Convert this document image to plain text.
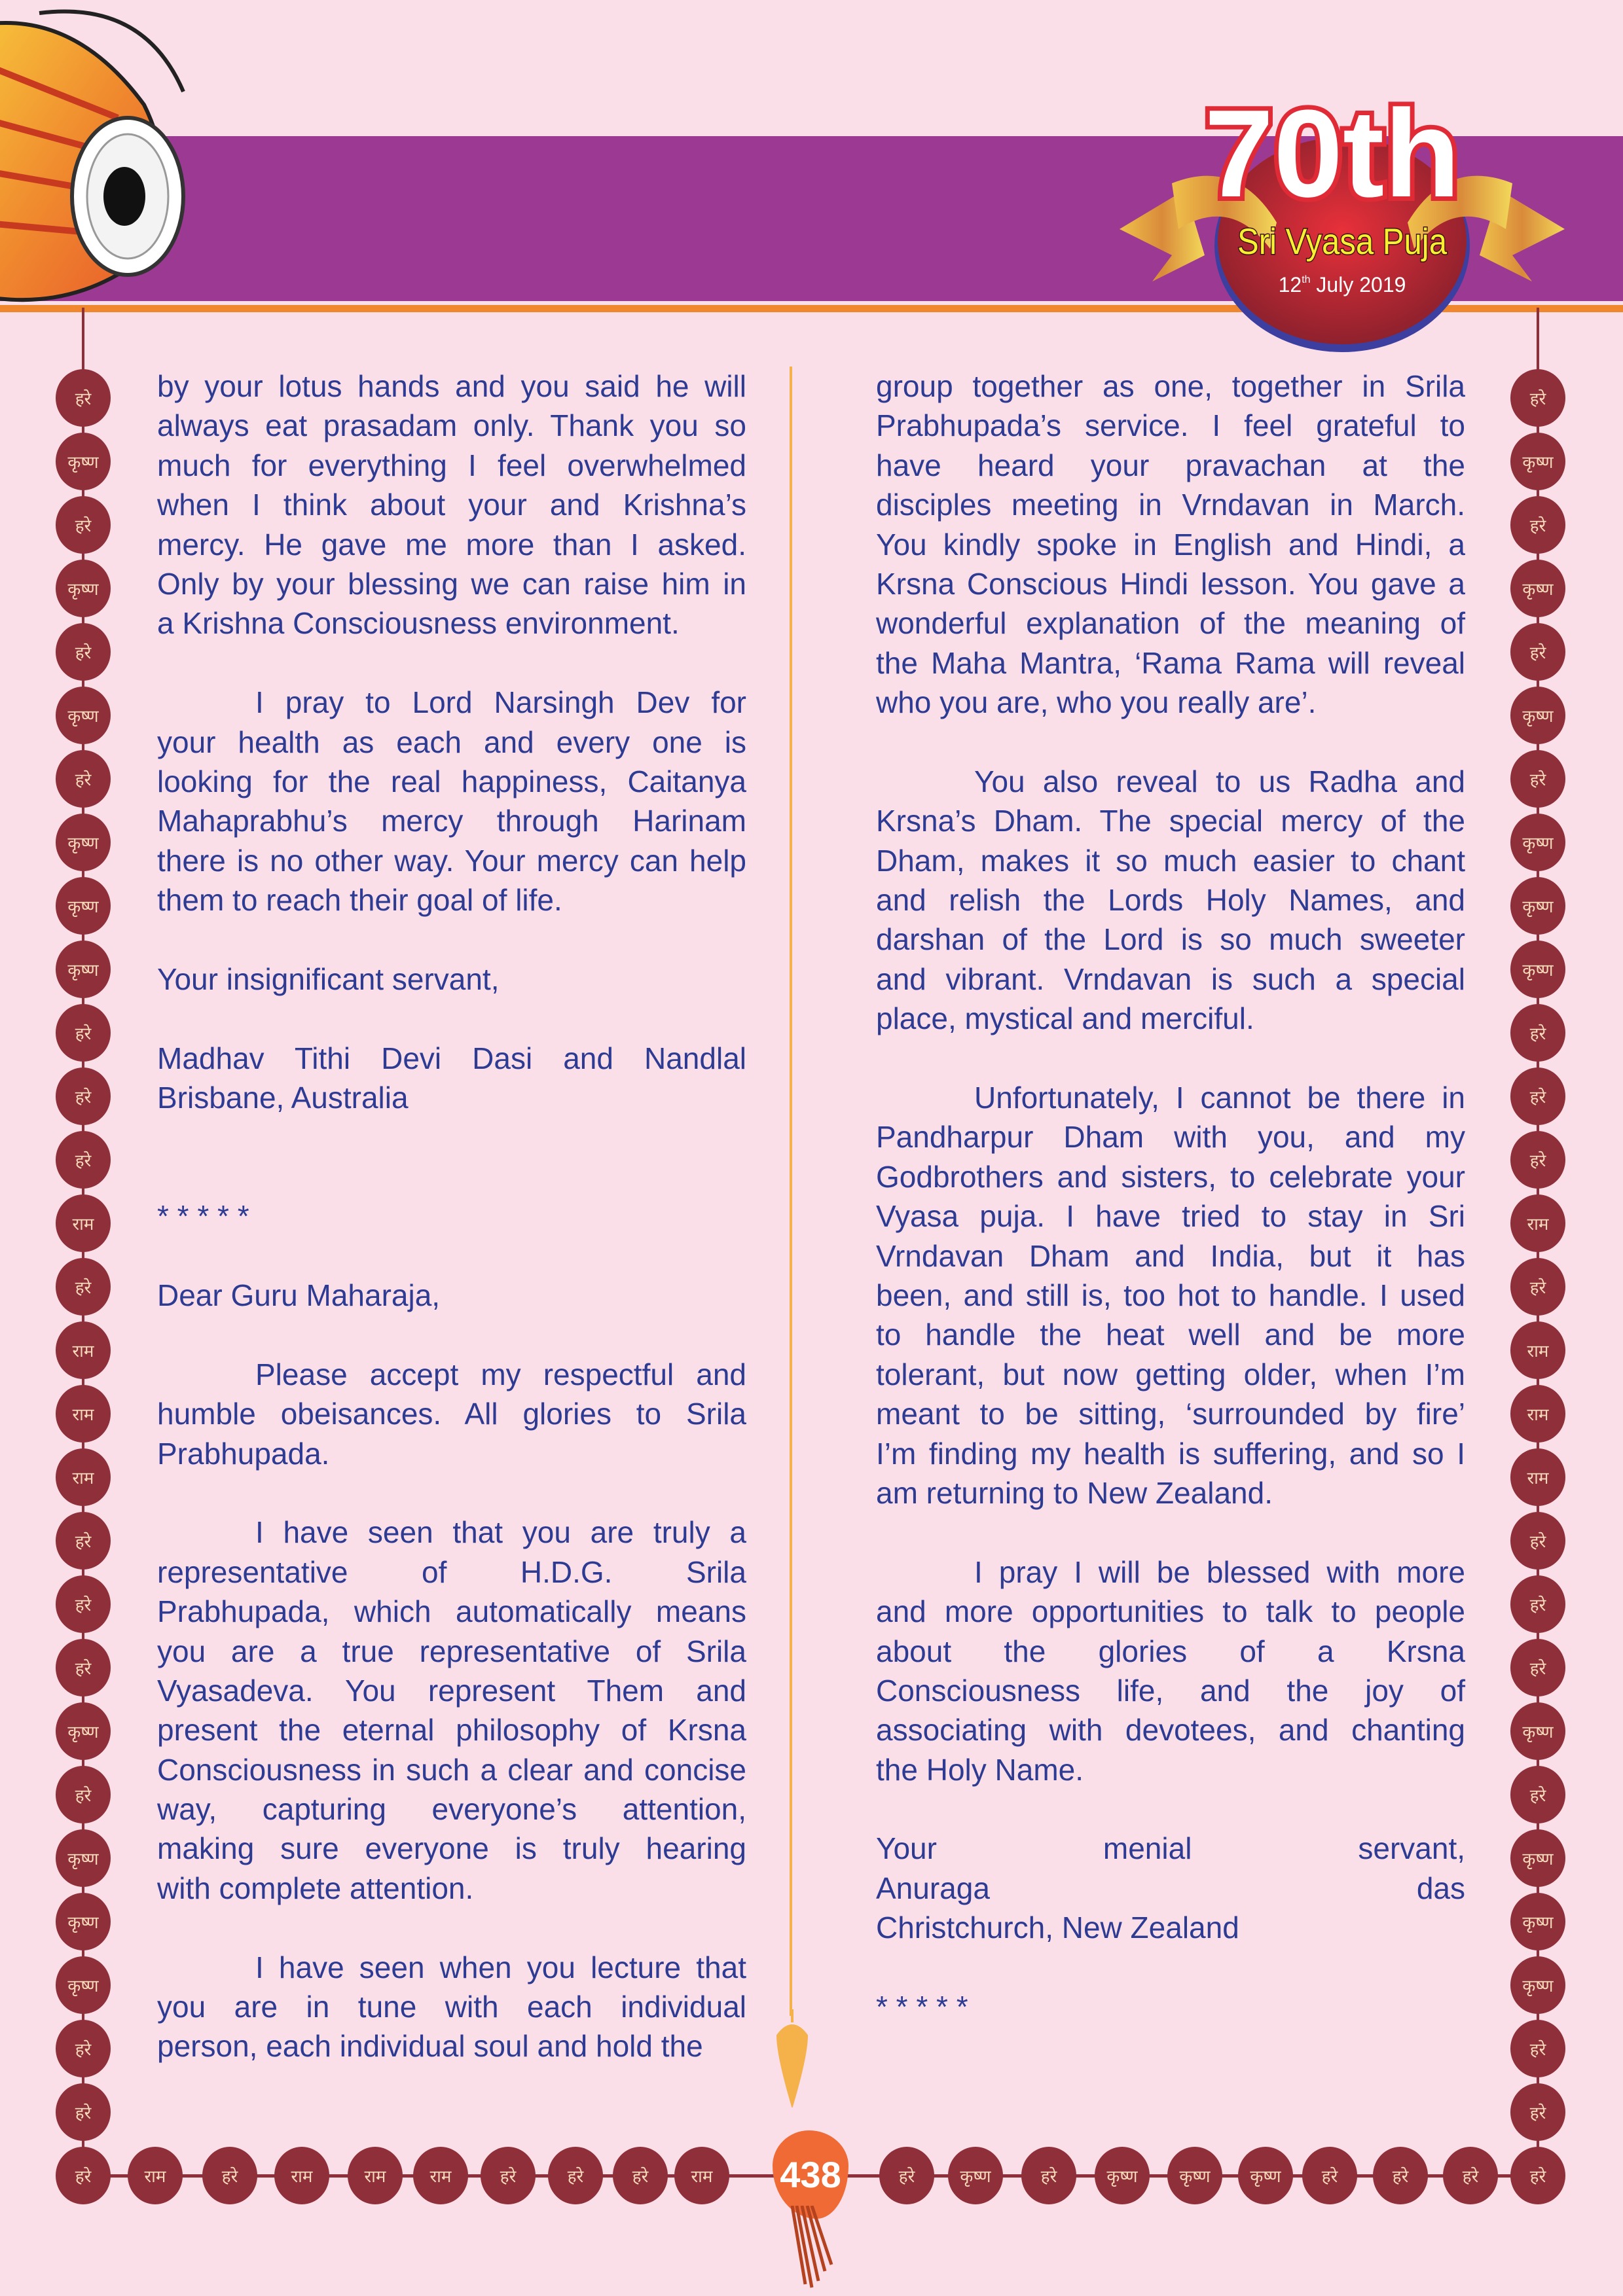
70th
Sri Vyasa Puja
12th July 2019
by your lotus hands and you said he will
always eat prasadam only. Thank you so
much for everything I feel overwhelmed
when I think about your and Krishna’s
mercy. He gave me more than I asked.
Only by your blessing we can raise him in
a Krishna Consciousness environment.
I pray to Lord Narsingh Dev for
your health as each and every one is
looking for the real happiness, Caitanya
Mahaprabhu’s mercy through Harinam
there is no other way. Your mercy can help
them to reach their goal of life.
Your insignificant servant,
Madhav Tithi Devi Dasi and Nandlal
Brisbane, Australia
* * * * *
Dear Guru Maharaja,
Please accept my respectful and
humble obeisances. All glories to Srila
Prabhupada.
I have seen that you are truly a
representative of H.D.G. Srila
Prabhupada, which automatically means
you are a true representative of Srila
Vyasadeva. You represent Them and
present the eternal philosophy of Krsna
Consciousness in such a clear and concise
way, capturing everyone’s attention,
making sure everyone is truly hearing
with complete attention.
I have seen when you lecture that
you are in tune with each individual
person, each individual soul and hold the
group together as one, together in Srila
Prabhupada’s service. I feel grateful to
have heard your pravachan at the
disciples meeting in Vrndavan in March.
You kindly spoke in English and Hindi, a
Krsna Conscious Hindi lesson. You gave a
wonderful explanation of the meaning of
the Maha Mantra, ‘Rama Rama will reveal
who you are, who you really are’.
You also reveal to us Radha and
Krsna’s Dham. The special mercy of the
Dham, makes it so much easier to chant
and relish the Lords Holy Names, and
darshan of the Lord is so much sweeter
and vibrant. Vrndavan is such a special
place, mystical and merciful.
Unfortunately, I cannot be there in
Pandharpur Dham with you, and my
Godbrothers and sisters, to celebrate your
Vyasa puja. I have tried to stay in Sri
Vrndavan Dham and India, but it has
been, and still is, too hot to handle. I used
to handle the heat well and be more
tolerant, but now getting older, when I’m
meant to be sitting, ‘surrounded by fire’
I’m finding my health is suffering, and so I
am returning to New Zealand.
I pray I will be blessed with more
and more opportunities to talk to people
about the glories of a Krsna
Consciousness life, and the joy of
associating with devotees, and chanting
the Holy Name.
Your menial servant,
Anuraga das
Christchurch, New Zealand
* * * * *
हरे
कृष्ण
हरे
कृष्ण
हरे
कृष्ण
हरे
कृष्ण
कृष्ण
कृष्ण
हरे
हरे
हरे
राम
हरे
राम
राम
राम
हरे
हरे
हरे
कृष्ण
हरे
कृष्ण
कृष्ण
कृष्ण
हरे
हरे
हरे
कृष्ण
हरे
कृष्ण
हरे
कृष्ण
हरे
कृष्ण
कृष्ण
कृष्ण
हरे
हरे
हरे
राम
हरे
राम
राम
राम
हरे
हरे
हरे
कृष्ण
हरे
कृष्ण
कृष्ण
कृष्ण
हरे
हरे
हरे	राम	हरे	राम	राम	राम	हरे	हरे	हरे	राम	हरे	कृष्ण	हरे	कृष्ण	कृष्ण	कृष्ण	हरे	हरे	हरे	हरे
438
